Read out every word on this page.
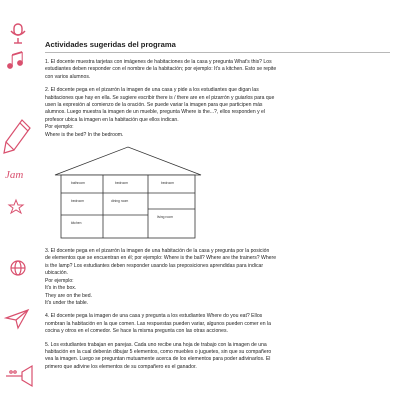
Jam
Actividades sugeridas del programa
1. El docente muestra tarjetas con imágenes de habitaciones de la casa y pregunta What's this? Los
estudiantes deben responder con el nombre de la habitación; por ejemplo: It's a kitchen. Esto se repite
con varios alumnos.
2. El docente pega en el pizarrón la imagen de una casa y pide a los estudiantes que digan las
habitaciones que hay en ella. Se sugiere escribir there is / there are en el pizarrón y guiarlos para que
usen la expresión al comienzo de la oración. Se puede variar la imagen para que participen más
alumnos. Luego muestra la imagen de un mueble, pregunta Where is the...?, ellos responden y el
profesor ubica la imagen en la habitación que ellos indican.
Por ejemplo:
Where is the bed? In the bedroom.
bathroom	bedroom	bedroom
bedroom	dining room
living room
kitchen
3. El docente pega en el pizarrón la imagen de una habitación de la casa y pregunta por la posición
de elementos que se encuentran en él; por ejemplo: Where is the ball? Where are the trainers? Where
is the lamp? Los estudiantes deben responder usando las preposiciones aprendidas para indicar
ubicación.
Por ejemplo:
It's in the box.
They are on the bed.
It's under the table.
4. El docente pega la imagen de una casa y pregunta a los estudiantes Where do you eat? Ellos
nombran la habitación en la que comen. Las respuestas pueden variar, algunos pueden comer en la
cocina y otros en el comedor. Se hace la misma pregunta con las otras acciones.
5. Los estudiantes trabajan en parejas. Cada uno recibe una hoja de trabajo con la imagen de una
habitación en la cual deberán dibujar 5 elementos, como muebles o juguetes, sin que su compañero
vea la imagen. Luego se preguntan mutuamente acerca de los elementos para poder adivinarlos. El
primero que adivine los elementos de su compañero es el ganador.
